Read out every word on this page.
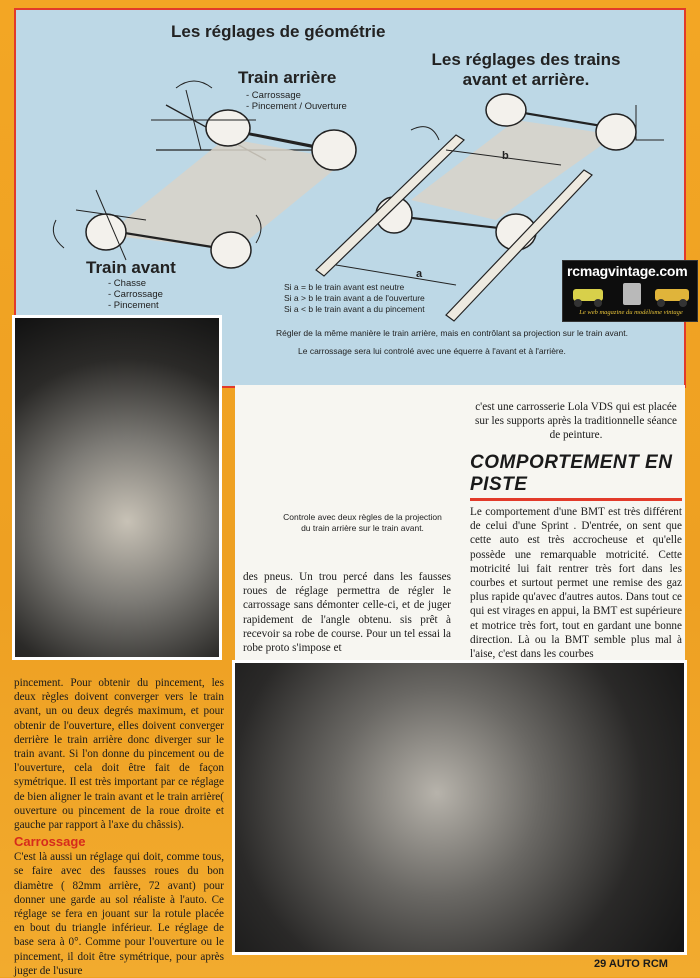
Les réglages de géométrie
Les réglages des trains avant et arrière.
Train arrière
- Carrossage
- Pincement / Ouverture
Train avant
- Chasse
- Carrossage
- Pincement
a
b
Si a = b le train avant est neutre
Si a > b le train avant a de l'ouverture
Si a < b le train avant a du pincement
Régler de la même manière le train arrière, mais en contrôlant sa projection sur le train avant.
Le carrossage sera lui controlé avec une équerre à l'avant et à l'arrière.
rcmagvintage.com
Le web magazine du modélisme vintage
Controle avec deux règles de la projection
du train arrière sur le train avant.

c'est une carrosserie Lola VDS qui est placée sur les supports après la traditionnelle séance de peinture.

COMPORTEMENT EN PISTE

Le comportement d'une BMT est très différent de celui d'une Sprint . D'entrée, on sent que cette auto est très accrocheuse et qu'elle possède une remarquable motricité. Cette motricité lui fait rentrer très fort dans les courbes et surtout permet une remise des gaz plus rapide qu'avec d'autres autos. Dans tout ce qui est virages en appui, la BMT est supérieure et motrice très fort, tout en gardant une bonne direction. Là ou la BMT semble plus mal à l'aise, c'est dans les courbes

des pneus. Un trou percé dans les fausses roues de réglage permettra de régler le carrossage sans démonter celle-ci, et de juger rapidement de l'angle obtenu. sis prêt à recevoir sa robe de course. Pour un tel essai la robe proto s'impose et

pincement. Pour obtenir du pincement, les deux règles doivent converger vers le train avant, un ou deux degrés maximum, et pour obtenir de l'ouverture, elles doivent converger derrière le train arrière donc diverger sur le train avant. Si l'on donne du pincement ou de l'ouverture, cela doit être fait de façon symétrique. Il est très important par ce réglage de bien aligner le train avant et le train arrière( ouverture ou pincement de la roue droite et gauche par rapport à l'axe du châssis).

Carrossage

C'est là aussi un réglage qui doit, comme tous, se faire avec des fausses roues du bon diamètre ( 82mm arrière, 72 avant) pour donner une garde au sol réaliste à l'auto. Ce réglage se fera en jouant sur la rotule placée en bout du triangle inférieur. Le réglage de base sera à 0°. Comme pour l'ouverture ou le pincement, il doit être symétrique, pour après juger de l'usure

29 AUTO RCM
